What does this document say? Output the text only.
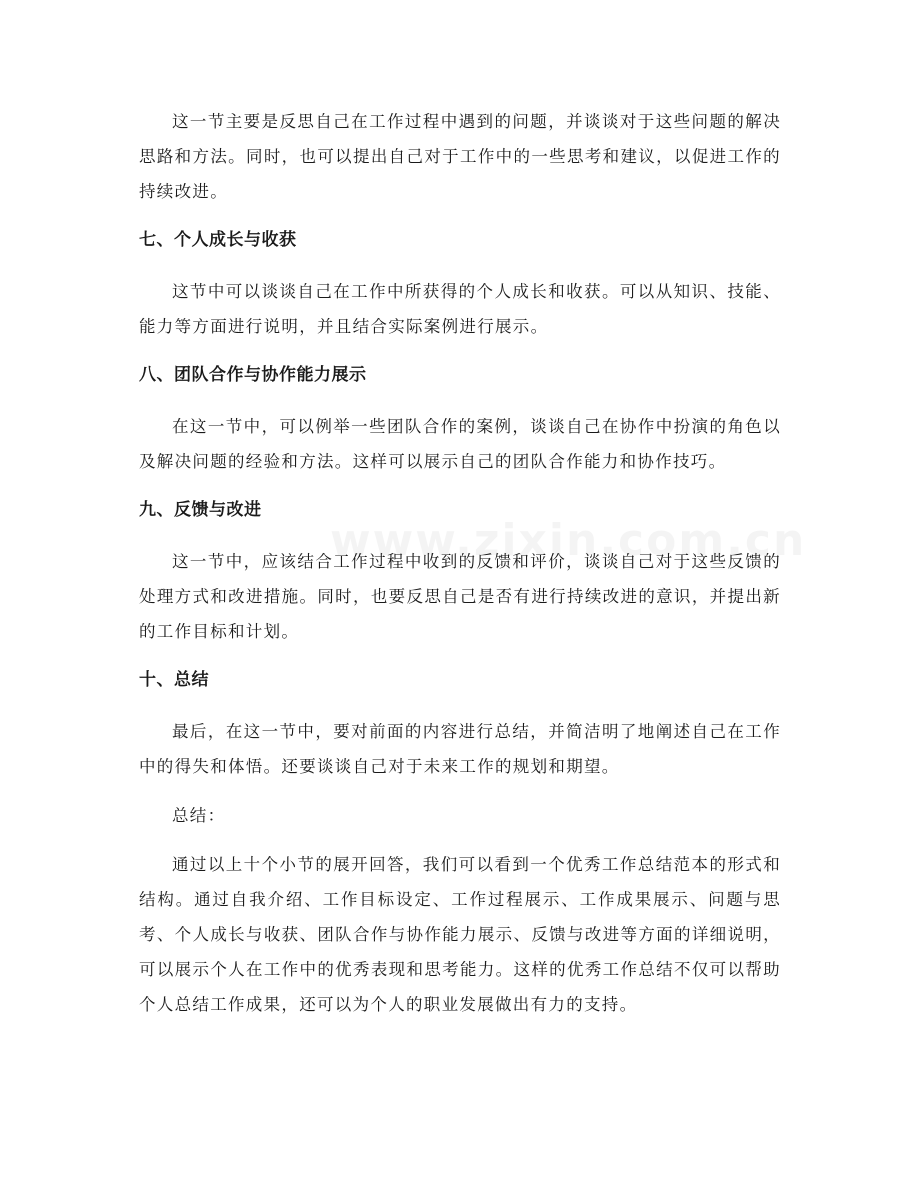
这一节主要是反思自己在工作过程中遇到的问题，并谈谈对于这些问题的解决思路和方法。同时，也可以提出自己对于工作中的一些思考和建议，以促进工作的持续改进。

七、个人成长与收获

这节中可以谈谈自己在工作中所获得的个人成长和收获。可以从知识、技能、能力等方面进行说明，并且结合实际案例进行展示。

八、团队合作与协作能力展示

在这一节中，可以例举一些团队合作的案例，谈谈自己在协作中扮演的角色以及解决问题的经验和方法。这样可以展示自己的团队合作能力和协作技巧。

九、反馈与改进

这一节中，应该结合工作过程中收到的反馈和评价，谈谈自己对于这些反馈的处理方式和改进措施。同时，也要反思自己是否有进行持续改进的意识，并提出新的工作目标和计划。

十、总结

最后，在这一节中，要对前面的内容进行总结，并简洁明了地阐述自己在工作中的得失和体悟。还要谈谈自己对于未来工作的规划和期望。

总结：

通过以上十个小节的展开回答，我们可以看到一个优秀工作总结范本的形式和结构。通过自我介绍、工作目标设定、工作过程展示、工作成果展示、问题与思考、个人成长与收获、团队合作与协作能力展示、反馈与改进等方面的详细说明，可以展示个人在工作中的优秀表现和思考能力。这样的优秀工作总结不仅可以帮助个人总结工作成果，还可以为个人的职业发展做出有力的支持。
